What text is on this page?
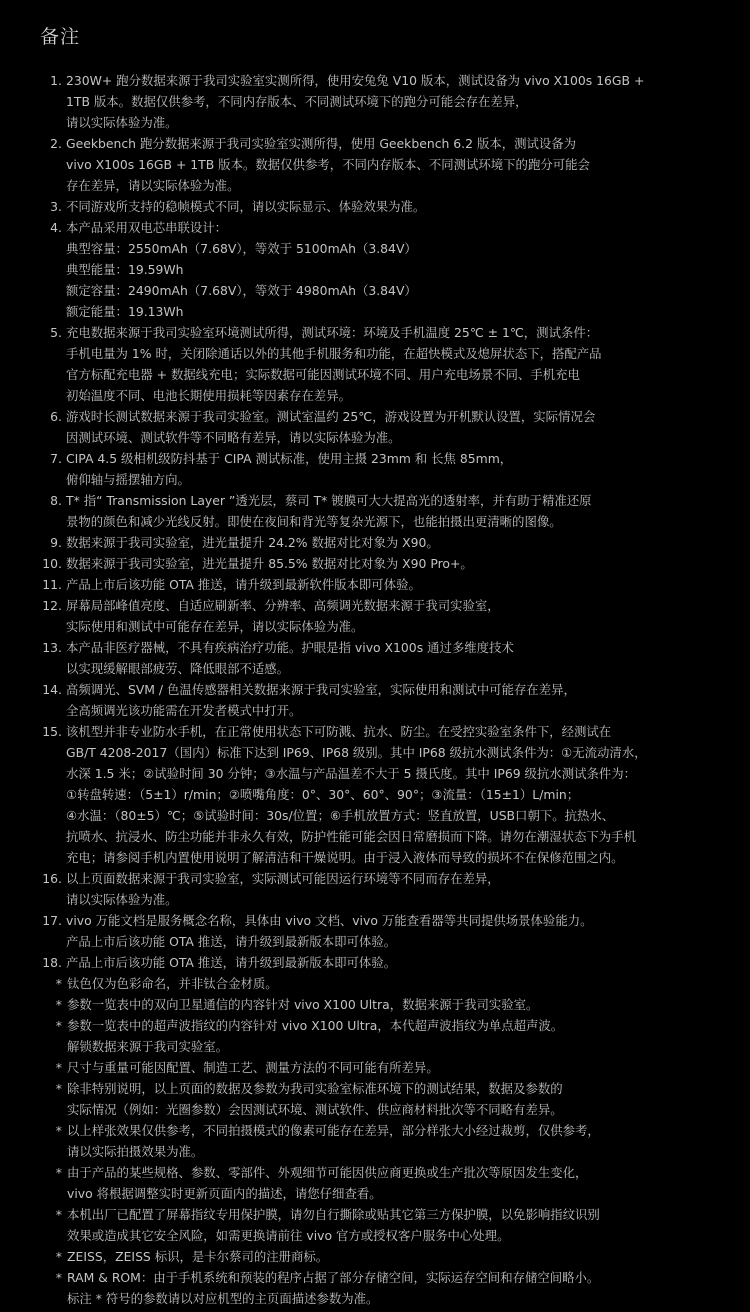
备注
1. 230W+ 跑分数据来源于我司实验室实测所得，使用安兔兔 V10 版本，测试设备为 vivo X100s 16GB +
1TB 版本。数据仅供参考，不同内存版本、不同测试环境下的跑分可能会存在差异，
请以实际体验为准。
2. Geekbench 跑分数据来源于我司实验室实测所得，使用 Geekbench 6.2 版本，测试设备为
vivo X100s 16GB + 1TB 版本。数据仅供参考，不同内存版本、不同测试环境下的跑分可能会
存在差异，请以实际体验为准。
3. 不同游戏所支持的稳帧模式不同，请以实际显示、体验效果为准。
4. 本产品采用双电芯串联设计：
典型容量：2550mAh（7.68V），等效于 5100mAh（3.84V）
典型能量：19.59Wh
额定容量：2490mAh（7.68V），等效于 4980mAh（3.84V）
额定能量：19.13Wh
5. 充电数据来源于我司实验室环境测试所得，测试环境：环境及手机温度 25℃ ± 1℃，测试条件：
手机电量为 1% 时，关闭除通话以外的其他手机服务和功能，在超快模式及熄屏状态下，搭配产品
官方标配充电器 + 数据线充电；实际数据可能因测试环境不同、用户充电场景不同、手机充电
初始温度不同、电池长期使用损耗等因素存在差异。
6. 游戏时长测试数据来源于我司实验室。测试室温约 25℃，游戏设置为开机默认设置，实际情况会
因测试环境、测试软件等不同略有差异，请以实际体验为准。
7. CIPA 4.5 级相机级防抖基于 CIPA 测试标准，使用主摄 23mm 和 长焦 85mm，
俯仰轴与摇摆轴方向。
8. T* 指“ Transmission Layer ”透光层，蔡司 T* 镀膜可大大提高光的透射率，并有助于精准还原
景物的颜色和减少光线反射。即使在夜间和背光等复杂光源下，也能拍摄出更清晰的图像。
9. 数据来源于我司实验室，进光量提升 24.2% 数据对比对象为 X90。
10. 数据来源于我司实验室，进光量提升 85.5% 数据对比对象为 X90 Pro+。
11. 产品上市后该功能 OTA 推送，请升级到最新软件版本即可体验。
12. 屏幕局部峰值亮度、自适应刷新率、分辨率、高频调光数据来源于我司实验室，
实际使用和测试中可能存在差异，请以实际体验为准。
13. 本产品非医疗器械，不具有疾病治疗功能。护眼是指 vivo X100s 通过多维度技术
以实现缓解眼部疲劳、降低眼部不适感。
14. 高频调光、SVM / 色温传感器相关数据来源于我司实验室，实际使用和测试中可能存在差异，
全高频调光该功能需在开发者模式中打开。
15. 该机型并非专业防水手机，在正常使用状态下可防溅、抗水、防尘。在受控实验室条件下，经测试在
GB/T 4208-2017（国内）标准下达到 IP69、IP68 级别。其中 IP68 级抗水测试条件为：①无流动清水，
水深 1.5 米；②试验时间 30 分钟；③水温与产品温差不大于 5 摄氏度。其中 IP69 级抗水测试条件为：
①转盘转速：（5±1）r/min；②喷嘴角度：0°、30°、60°、90°；③流量：（15±1）L/min；
④水温：（80±5）℃；⑤试验时间：30s/位置；⑥手机放置方式：竖直放置，USB口朝下。抗热水、
抗喷水、抗浸水、防尘功能并非永久有效，防护性能可能会因日常磨损而下降。请勿在潮湿状态下为手机
充电；请参阅手机内置使用说明了解清洁和干燥说明。由于浸入液体而导致的损坏不在保修范围之内。
16. 以上页面数据来源于我司实验室，实际测试可能因运行环境等不同而存在差异，
请以实际体验为准。
17. vivo 万能文档是服务概念名称，具体由 vivo 文档、vivo 万能查看器等共同提供场景体验能力。
产品上市后该功能 OTA 推送，请升级到最新版本即可体验。
18. 产品上市后该功能 OTA 推送，请升级到最新版本即可体验。
* 钛色仅为色彩命名，并非钛合金材质。
* 参数一览表中的双向卫星通信的内容针对 vivo X100 Ultra，数据来源于我司实验室。
* 参数一览表中的超声波指纹的内容针对 vivo X100 Ultra，本代超声波指纹为单点超声波。
解锁数据来源于我司实验室。
* 尺寸与重量可能因配置、制造工艺、测量方法的不同可能有所差异。
* 除非特别说明，以上页面的数据及参数为我司实验室标准环境下的测试结果，数据及参数的
实际情况（例如：光圈参数）会因测试环境、测试软件、供应商材料批次等不同略有差异。
* 以上样张效果仅供参考，不同拍摄模式的像素可能存在差异，部分样张大小经过裁剪，仅供参考，
请以实际拍摄效果为准。
* 由于产品的某些规格、参数、零部件、外观细节可能因供应商更换或生产批次等原因发生变化，
vivo 将根据调整实时更新页面内的描述，请您仔细查看。
* 本机出厂已配置了屏幕指纹专用保护膜，请勿自行撕除或贴其它第三方保护膜，以免影响指纹识别
效果或造成其它安全风险，如需更换请前往 vivo 官方或授权客户服务中心处理。
* ZEISS，ZEISS 标识，是卡尔蔡司的注册商标。
* RAM & ROM：由于手机系统和预装的程序占据了部分存储空间，实际运存空间和存储空间略小。
标注 * 符号的参数请以对应机型的主页面描述参数为准。
